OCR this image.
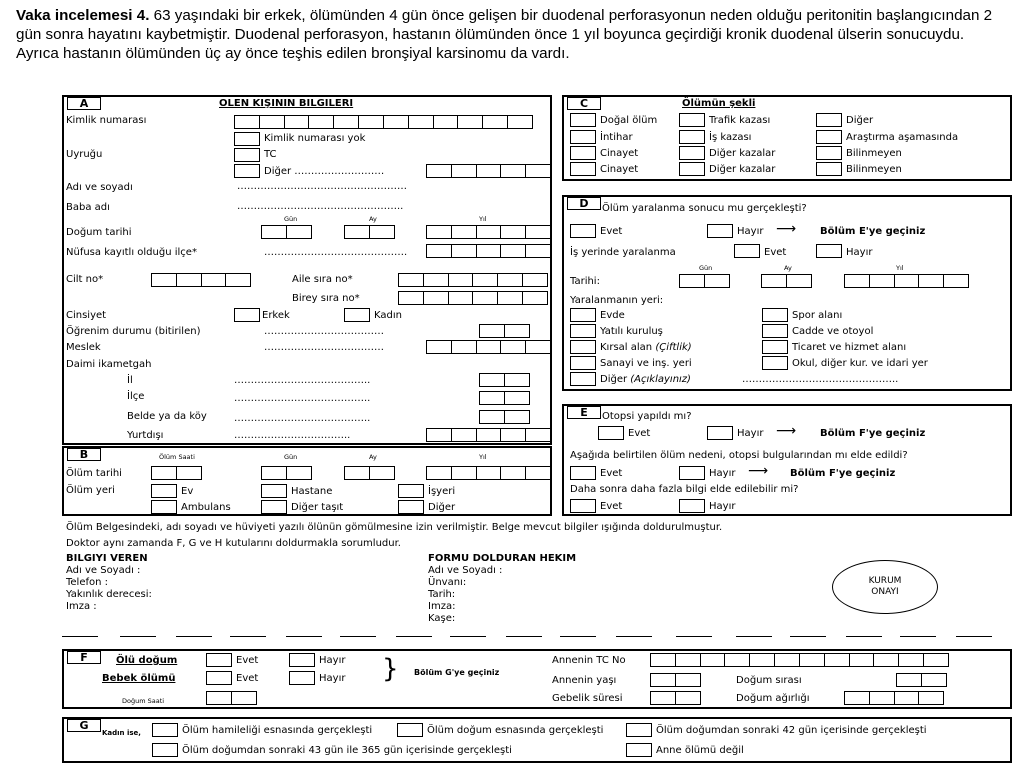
Vaka incelemesi 4. 63 yaşındaki bir erkek, ölümünden 4 gün önce gelişen bir duodenal perforasyonun neden olduğu peritonitin başlangıcından 2 gün sonra hayatını kaybetmiştir. Duodenal perforasyon, hastanın ölümünden önce 1 yıl boyunca geçirdiği kronik duodenal ülserin sonucuydu. Ayrıca hastanın ölümünden üç ay önce teşhis edilen bronşiyal karsinomu da vardı.
A	OLEN KIŞININ BILGILERI
Kimlik numarası
Kimlik numarası yok
Uyruğu	TC
Diğer ………………………
Adı ve soyadı	……………………………………………
Baba adı	…………………………………………..
Gün	Ay	Yıl
Doğum tarihi
Nüfusa kayıtlı olduğu ilçe*	…………………………………….
Cilt no*	Aile sıra no*
Birey sıra no*
Cinsiyet	Erkek	Kadın
Öğrenim durumu (bitirilen)	………………………………
Meslek	………………………………
Daimi ikametgah
İl	…………………………………..
İlçe	…………………………………..
Belde ya da köy	…………………………………..
Yurtdışı	……………………………..
B	Ölüm Saati	Gün	Ay	Yıl
Ölüm tarihi
Ölüm yeri	Ev	Hastane	İşyeri
Ambulans	Diğer taşıt	Diğer
C	Ölümün şekli
Doğal ölüm	Trafik kazası	Diğer
İntihar	İş kazası	Araştırma aşamasında
Cinayet	Diğer kazalar	Bilinmeyen
Cinayet	Diğer kazalar	Bilinmeyen
D	Ölüm yaralanma sonucu mu gerçekleşti?
Evet	Hayır ⟶ Bölüm E'ye geçiniz
İş yerinde yaralanma	Evet	Hayır
Gün	Ay	Yıl
Tarihi:
Yaralanmanın yeri:
Evde	Spor alanı
Yatılı kuruluş	Cadde ve otoyol
Kırsal alan (Çiftlik)	Ticaret ve hizmet alanı
Sanayi ve inş. yeri	Okul, diğer kur. ve idari yer
Diğer (Açıklayınız)	………………………………………..
E	Otopsi yapıldı mı?
Evet	Hayır ⟶ Bölüm F'ye geçiniz
Aşağıda belirtilen ölüm nedeni, otopsi bulgularından mı elde edildi?
Evet	Hayır ⟶ Bölüm F'ye geçiniz
Daha sonra daha fazla bilgi elde edilebilir mi?
Evet	Hayır
Ölüm Belgesindeki, adı soyadı ve hüviyeti yazılı ölünün gömülmesine izin verilmiştir. Belge mevcut bilgiler ışığında doldurulmuştur.
Doktor aynı zamanda F, G ve H kutularını doldurmakla sorumludur.
BILGIYI VEREN
Adı ve Soyadı :
Telefon :
Yakınlık derecesi:
Imza :
FORMU DOLDURAN HEKIM
Adı ve Soyadı :
Ünvanı:
Tarih:
Imza:
Kaşe:
KURUM
ONAYI
F	Ölü doğum	Evet	Hayır
Bebek ölümü	Evet	Hayır } Bölüm G'ye geçiniz
Doğum Saati
Annenin TC No
Annenin yaşı	Doğum sırası
Gebelik süresi	Doğum ağırlığı
G
Kadın ise,	Ölüm hamileliği esnasında gerçekleşti	Ölüm doğum esnasında gerçekleşti	Ölüm doğumdan sonraki 42 gün içerisinde gerçekleşti
Ölüm doğumdan sonraki 43 gün ile 365 gün içerisinde gerçekleşti	Anne ölümü değil
